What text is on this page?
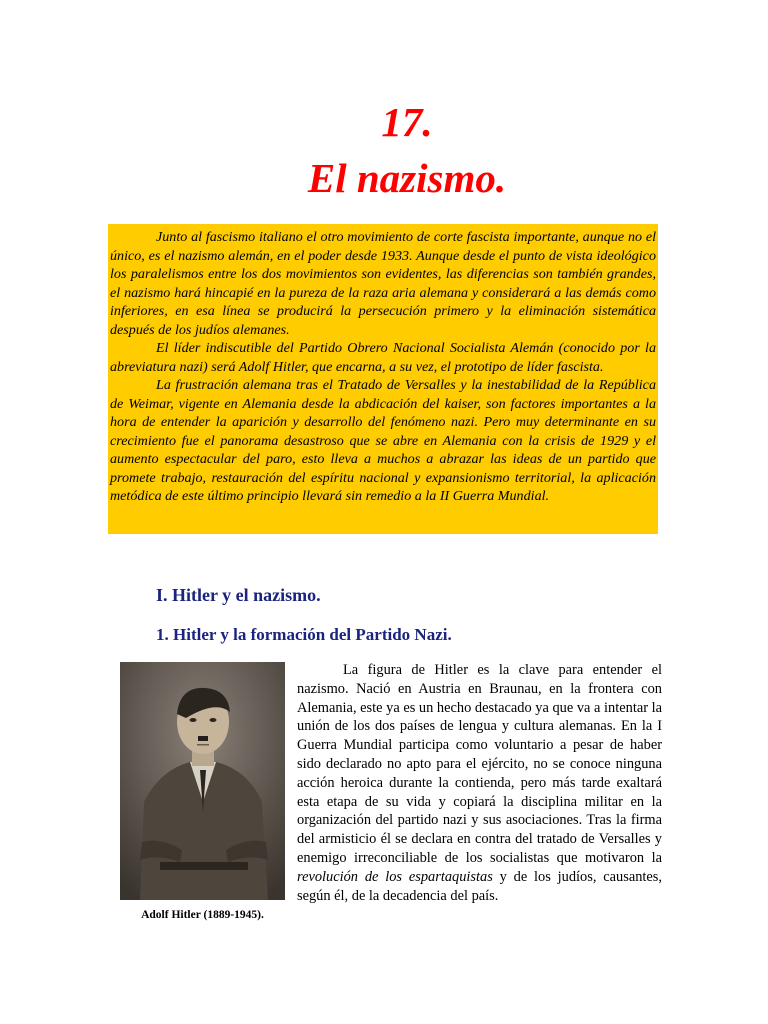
17.
El nazismo.

Junto al fascismo italiano el otro movimiento de corte fascista importante, aunque no el único, es el nazismo alemán, en el poder desde 1933. Aunque desde el punto de vista ideológico los paralelismos entre los dos movimientos son evidentes, las diferencias son también grandes, el nazismo hará hincapié en la pureza de la raza aria alemana y considerará a las demás como inferiores, en esa línea se producirá la persecución primero y la eliminación sistemática después de los judíos alemanes.

El líder indiscutible del Partido Obrero Nacional Socialista Alemán (conocido por la abreviatura nazi) será Adolf Hitler, que encarna, a su vez, el prototipo de líder fascista.

La frustración alemana tras el Tratado de Versalles y la inestabilidad de la República de Weimar, vigente en Alemania desde la abdicación del kaiser, son factores importantes a la hora de entender la aparición y desarrollo del fenómeno nazi. Pero muy determinante en su crecimiento fue el panorama desastroso que se abre en Alemania con la crisis de 1929 y el aumento espectacular del paro, esto lleva a muchos a abrazar las ideas de un partido que promete trabajo, restauración del espíritu nacional y expansionismo territorial, la aplicación metódica de este último principio llevará sin remedio a la II Guerra Mundial.

I. Hitler y el nazismo.
1. Hitler y la formación del Partido Nazi.
Adolf Hitler (1889-1945).
La figura de Hitler es la clave para entender el nazismo. Nació en Austria en Braunau, en la frontera con Alemania, este ya es un hecho destacado ya que va a intentar la unión de los dos países de lengua y cultura alemanas. En la I Guerra Mundial participa como voluntario a pesar de haber sido declarado no apto para el ejército, no se conoce ninguna acción heroica durante la contienda, pero más tarde exaltará esta etapa de su vida y copiará la disciplina militar en la organización del partido nazi y sus asociaciones. Tras la firma del armisticio él se declara en contra del tratado de Versalles y enemigo irreconciliable de los socialistas que motivaron la revolución de los espartaquistas y de los judíos, causantes, según él, de la decadencia del país.
